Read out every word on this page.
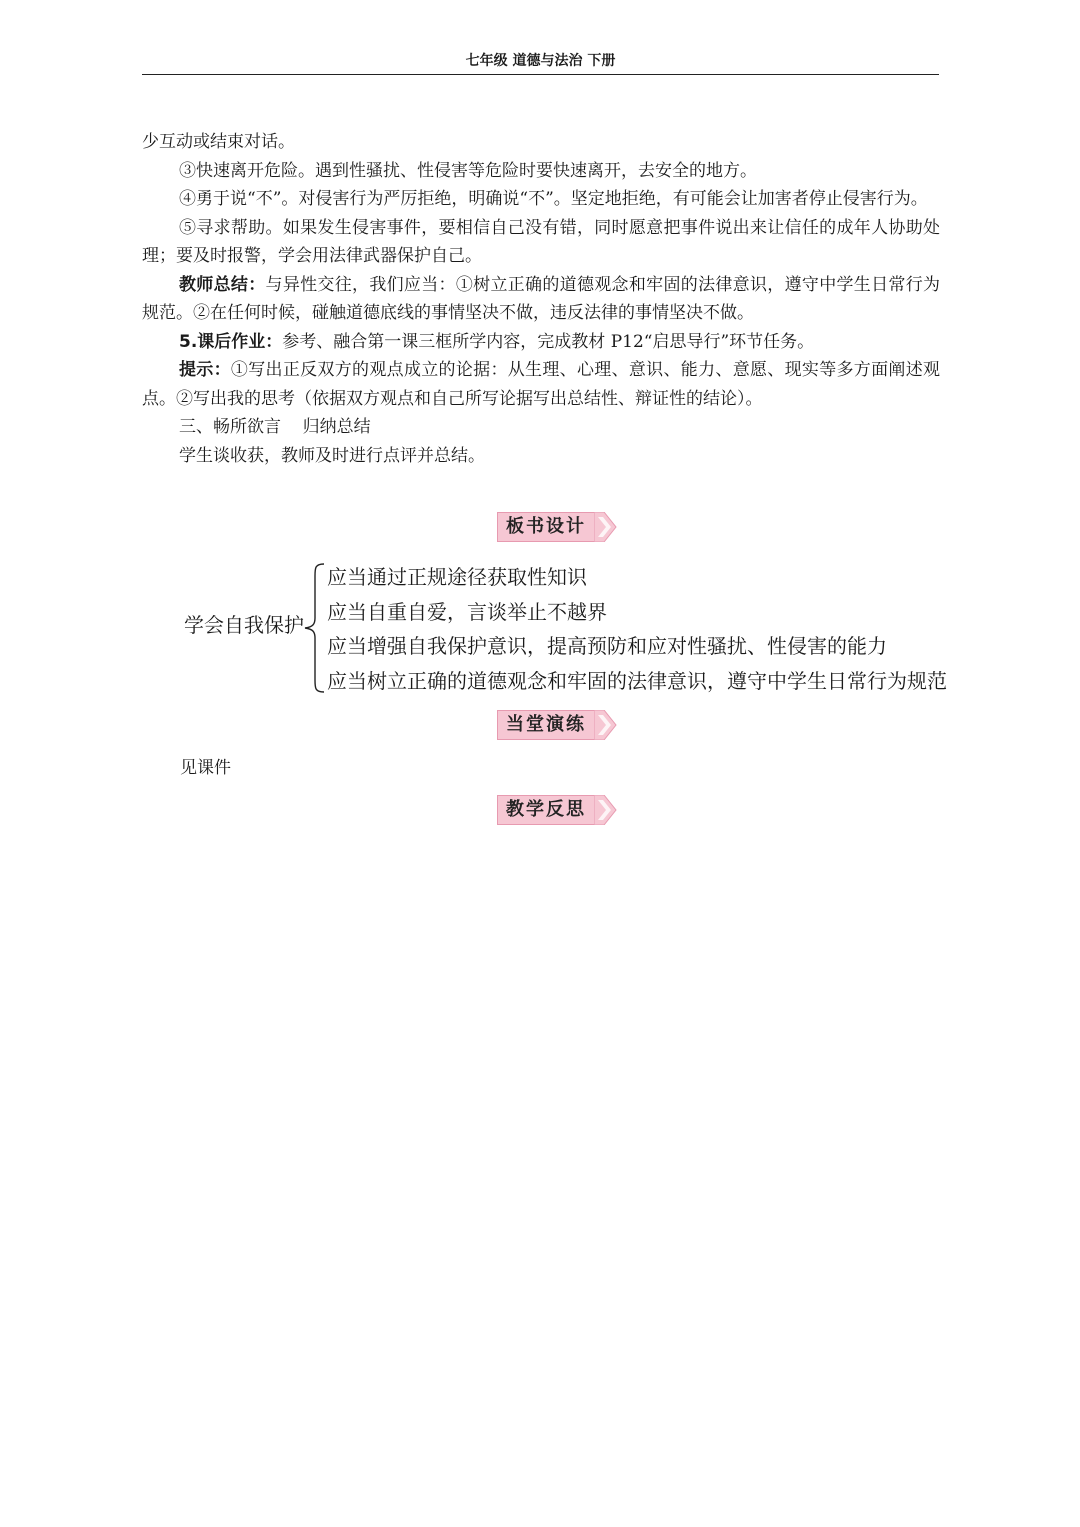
七年级 道德与法治 下册

少互动或结束对话。

③快速离开危险。遇到性骚扰、性侵害等危险时要快速离开，去安全的地方。

④勇于说“不”。对侵害行为严厉拒绝，明确说“不”。坚定地拒绝，有可能会让加害者停止侵害行为。

⑤寻求帮助。如果发生侵害事件，要相信自己没有错，同时愿意把事件说出来让信任的成年人协助处理；要及时报警，学会用法律武器保护自己。

教师总结：与异性交往，我们应当：①树立正确的道德观念和牢固的法律意识，遵守中学生日常行为规范。②在任何时候，碰触道德底线的事情坚决不做，违反法律的事情坚决不做。

5.课后作业：参考、融合第一课三框所学内容，完成教材 P12“启思导行”环节任务。

提示：①写出正反双方的观点成立的论据：从生理、心理、意识、能力、意愿、现实等多方面阐述观点。②写出我的思考（依据双方观点和自己所写论据写出总结性、辩证性的结论）。

三、畅所欲言    归纳总结

学生谈收获，教师及时进行点评并总结。

板书设计
学会自我保护
应当通过正规途径获取性知识
应当自重自爱，言谈举止不越界
应当增强自我保护意识，提高预防和应对性骚扰、性侵害的能力
应当树立正确的道德观念和牢固的法律意识，遵守中学生日常行为规范
当堂演练
见课件
教学反思
